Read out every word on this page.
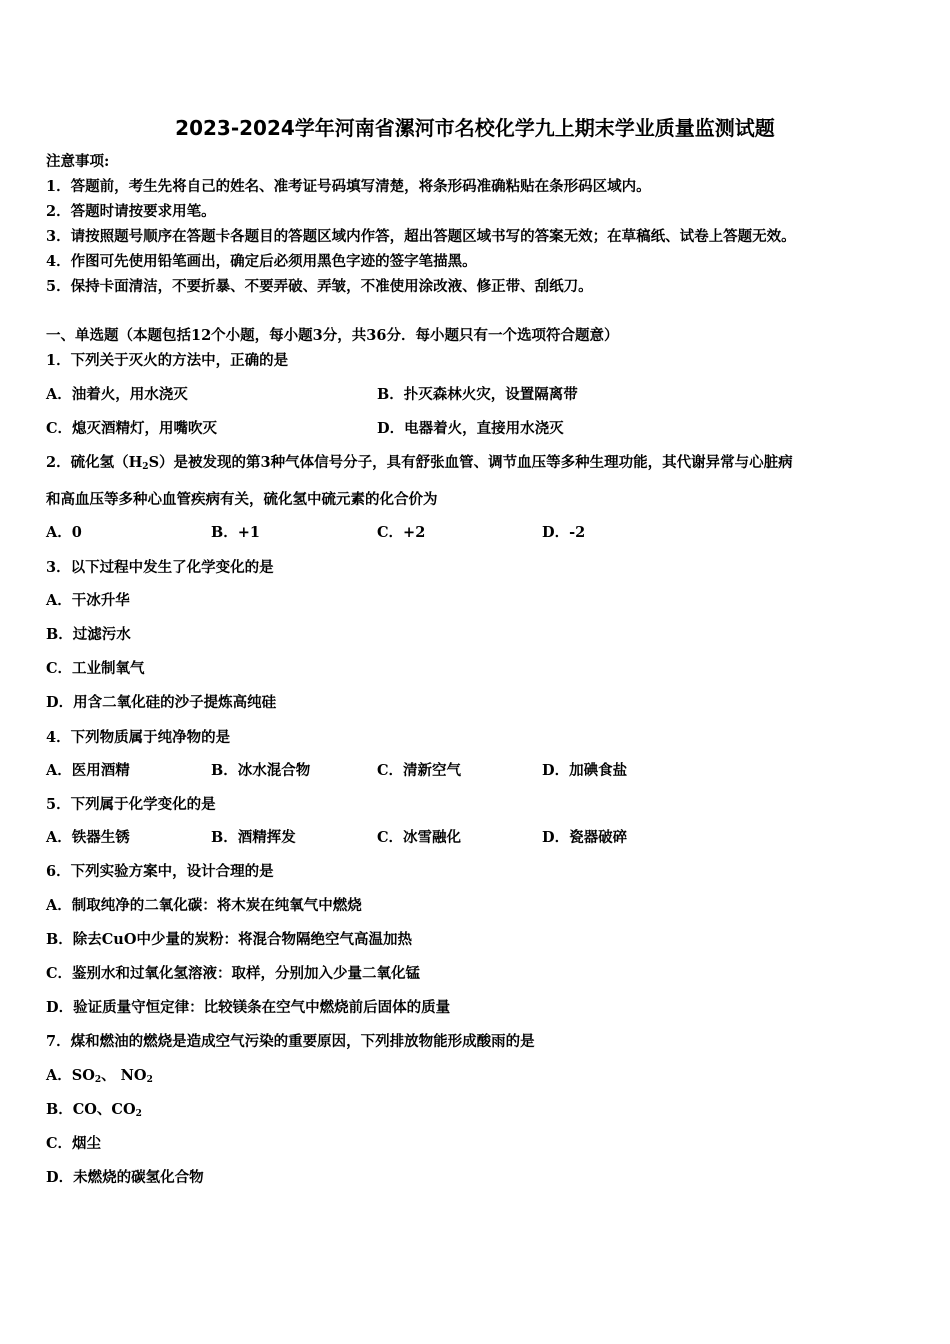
2023-2024学年河南省漯河市名校化学九上期末学业质量监测试题
注意事项:
1．答题前，考生先将自己的姓名、准考证号码填写清楚，将条形码准确粘贴在条形码区域内。
2．答题时请按要求用笔。
3．请按照题号顺序在答题卡各题目的答题区域内作答，超出答题区域书写的答案无效；在草稿纸、试卷上答题无效。
4．作图可先使用铅笔画出，确定后必须用黑色字迹的签字笔描黑。
5．保持卡面清洁，不要折暴、不要弄破、弄皱，不准使用涂改液、修正带、刮纸刀。
一、单选题（本题包括12个小题，每小题3分，共36分．每小题只有一个选项符合题意）
1．下列关于灭火的方法中，正确的是
A．油着火，用水浇灭	B．扑灭森林火灾，设置隔离带
C．熄灭酒精灯，用嘴吹灭	D．电器着火，直接用水浇灭
2．硫化氢$(H_2S)$是被发现的第3种气体信号分子，具有舒张血管、调节血压等多种生理功能，其代谢异常与心脏病
和高血压等多种心血管疾病有关，硫化氢中硫元素的化合价为
A．0	B．+1	C．+2	D．-2
3．以下过程中发生了化学变化的是
A．干冰升华
B．过滤污水
C．工业制氧气
D．用含二氧化硅的沙子提炼高纯硅
4．下列物质属于纯净物的是
A．医用酒精	B．冰水混合物	C．清新空气	D．加碘食盐
5．下列属于化学变化的是
A．铁器生锈	B．酒精挥发	C．冰雪融化	D．瓷器破碎
6．下列实验方案中，设计合理的是
A．制取纯净的二氧化碳：将木炭在纯氧气中燃烧
B．除去CuO中少量的炭粉：将混合物隔绝空气高温加热
C．鉴别水和过氧化氢溶液：取样，分别加入少量二氧化锰
D．验证质量守恒定律：比较镁条在空气中燃烧前后固体的质量
7．煤和燃油的燃烧是造成空气污染的重要原因，下列排放物能形成酸雨的是
A．$SO_2$、 $NO_2$
B．CO、$CO_2$
C．烟尘
D．未燃烧的碳氢化合物
